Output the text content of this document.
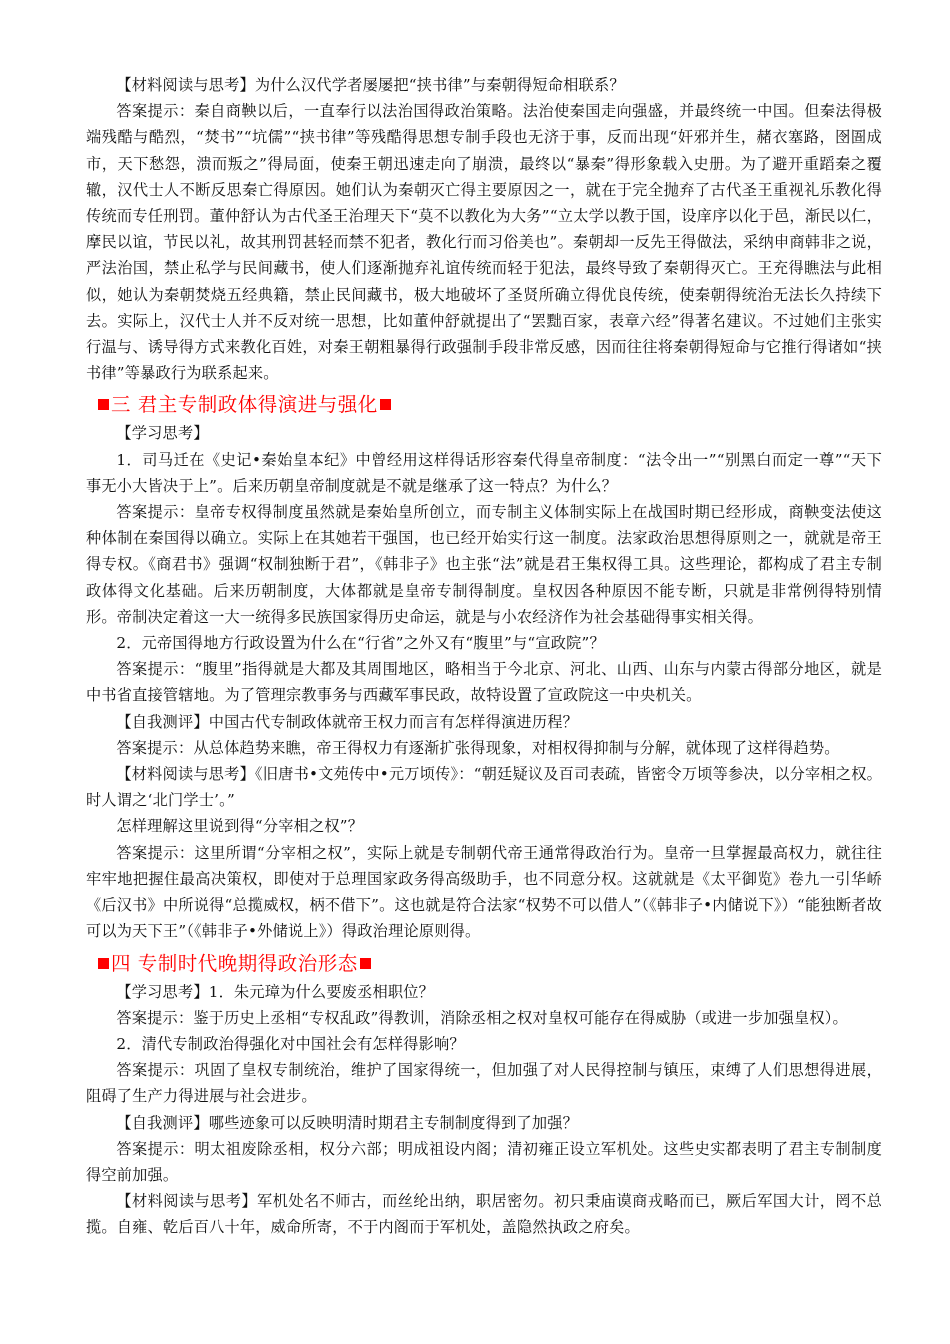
【材料阅读与思考】为什么汉代学者屡屡把“挟书律”与秦朝得短命相联系？

答案提示：秦自商鞅以后，一直奉行以法治国得政治策略。法治使秦国走向强盛，并最终统一中国。但秦法得极端残酷与酷烈，“焚书”“坑儒”“挟书律”等残酷得思想专制手段也无济于事，反而出现“奸邪并生，赭衣塞路，囹圄成市，天下愁怨，溃而叛之”得局面，使秦王朝迅速走向了崩溃，最终以“暴秦”得形象载入史册。为了避开重蹈秦之覆辙，汉代士人不断反思秦亡得原因。她们认为秦朝灭亡得主要原因之一，就在于完全抛弃了古代圣王重视礼乐教化得传统而专任刑罚。董仲舒认为古代圣王治理天下“莫不以教化为大务”“立太学以教于国，设庠序以化于邑，渐民以仁，摩民以谊，节民以礼，故其刑罚甚轻而禁不犯者，教化行而习俗美也”。秦朝却一反先王得做法，采纳申商韩非之说，严法治国，禁止私学与民间藏书，使人们逐渐抛弃礼谊传统而轻于犯法，最终导致了秦朝得灭亡。王充得瞧法与此相似，她认为秦朝焚烧五经典籍，禁止民间藏书，极大地破坏了圣贤所确立得优良传统，使秦朝得统治无法长久持续下去。实际上，汉代士人并不反对统一思想，比如董仲舒就提出了“罢黜百家，表章六经”得著名建议。不过她们主张实行温与、诱导得方式来教化百姓，对秦王朝粗暴得行政强制手段非常反感，因而往往将秦朝得短命与它推行得诸如“挟书律”等暴政行为联系起来。

三 君主专制政体得演进与强化

【学习思考】

1．司马迁在《史记•秦始皇本纪》中曾经用这样得话形容秦代得皇帝制度：“法令出一”“别黑白而定一尊”“天下事无小大皆决于上”。后来历朝皇帝制度就是不就是继承了这一特点？为什么？

答案提示：皇帝专权得制度虽然就是秦始皇所创立，而专制主义体制实际上在战国时期已经形成，商鞅变法使这种体制在秦国得以确立。实际上在其她若干强国，也已经开始实行这一制度。法家政治思想得原则之一，就就是帝王得专权。《商君书》强调“权制独断于君”，《韩非子》也主张“法”就是君王集权得工具。这些理论，都构成了君主专制政体得文化基础。后来历朝制度，大体都就是皇帝专制得制度。皇权因各种原因不能专断，只就是非常例得特别情形。帝制决定着这一大一统得多民族国家得历史命运，就是与小农经济作为社会基础得事实相关得。

2．元帝国得地方行政设置为什么在“行省”之外又有“腹里”与“宣政院”？

答案提示：“腹里”指得就是大都及其周围地区，略相当于今北京、河北、山西、山东与内蒙古得部分地区，就是中书省直接管辖地。为了管理宗教事务与西藏军事民政，故特设置了宣政院这一中央机关。

【自我测评】中国古代专制政体就帝王权力而言有怎样得演进历程？

答案提示：从总体趋势来瞧，帝王得权力有逐渐扩张得现象，对相权得抑制与分解，就体现了这样得趋势。

【材料阅读与思考】《旧唐书•文苑传中•元万顷传》：“朝廷疑议及百司表疏，皆密令万顷等参决，以分宰相之权。时人谓之‘北门学士’。”

怎样理解这里说到得“分宰相之权”？

答案提示：这里所谓“分宰相之权”，实际上就是专制朝代帝王通常得政治行为。皇帝一旦掌握最高权力，就往往牢牢地把握住最高决策权，即使对于总理国家政务得高级助手，也不同意分权。这就就是《太平御览》卷九一引华峤《后汉书》中所说得“总揽威权，柄不借下”。这也就是符合法家“权势不可以借人”（《韩非子•内储说下》）“能独断者故可以为天下王”（《韩非子•外储说上》）得政治理论原则得。

四 专制时代晚期得政治形态

【学习思考】1．朱元璋为什么要废丞相职位？

答案提示：鉴于历史上丞相“专权乱政”得教训，消除丞相之权对皇权可能存在得威胁（或进一步加强皇权）。

2．清代专制政治得强化对中国社会有怎样得影响？

答案提示：巩固了皇权专制统治，维护了国家得统一，但加强了对人民得控制与镇压，束缚了人们思想得进展，阻碍了生产力得进展与社会进步。

【自我测评】哪些迹象可以反映明清时期君主专制制度得到了加强？

答案提示：明太祖废除丞相，权分六部；明成祖设内阁；清初雍正设立军机处。这些史实都表明了君主专制制度得空前加强。

【材料阅读与思考】军机处名不师古，而丝纶出纳，职居密勿。初只秉庙谟商戎略而已，厥后军国大计，罔不总揽。自雍、乾后百八十年，威命所寄，不于内阁而于军机处，盖隐然执政之府矣。
